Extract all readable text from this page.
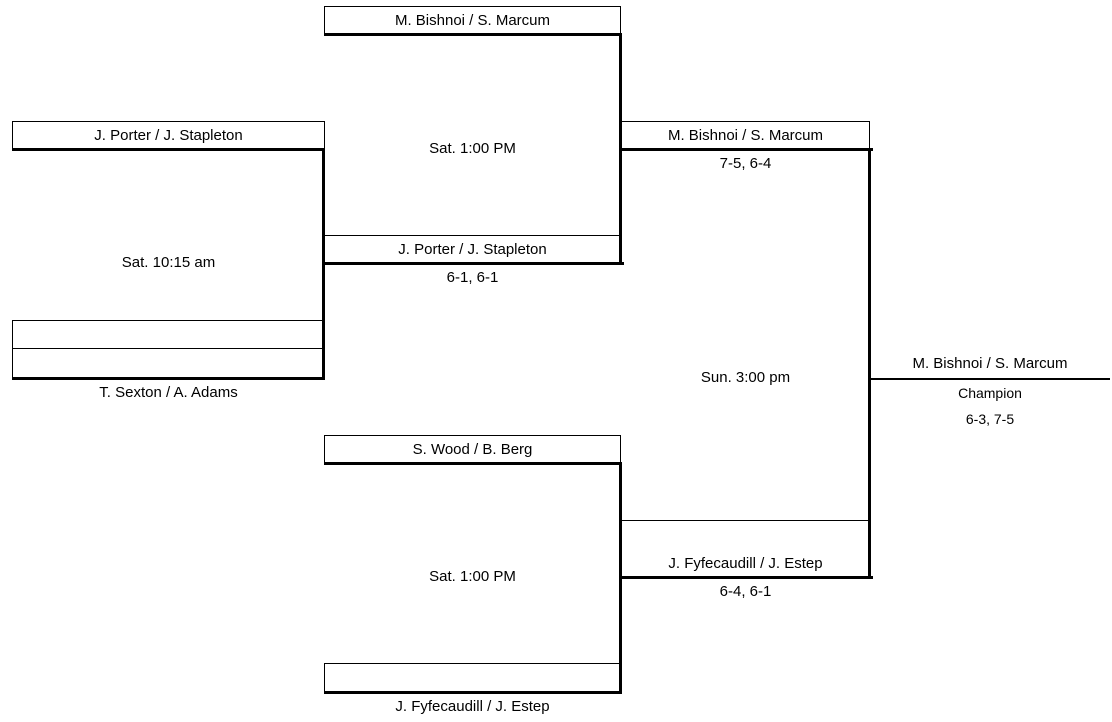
J. Porter / J. Stapleton
Sat. 10:15 am
T. Sexton / A. Adams
M. Bishnoi / S. Marcum
Sat. 1:00 PM
J. Porter / J. Stapleton
6-1, 6-1
S. Wood / B. Berg
Sat. 1:00 PM
J. Fyfecaudill / J. Estep
M. Bishnoi / S. Marcum
7-5, 6-4
Sun. 3:00 pm
J. Fyfecaudill / J. Estep
6-4, 6-1
M. Bishnoi / S. Marcum
Champion
6-3, 7-5
